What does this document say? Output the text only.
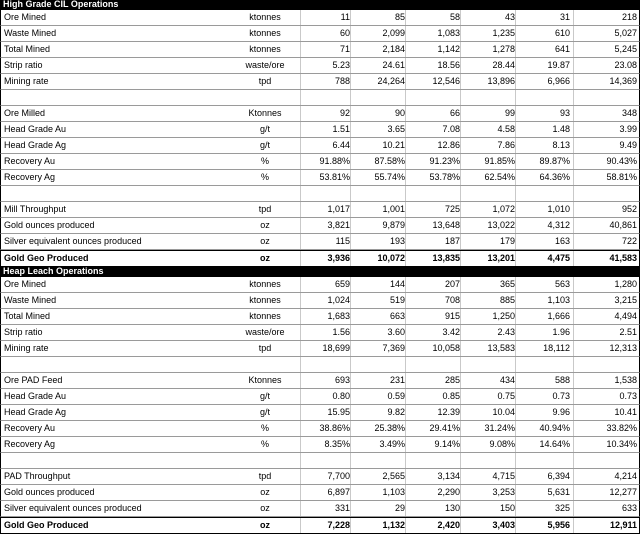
High Grade CIL Operations
Ore Mined	ktonnes	11	85	58	43	31	218
Waste Mined	ktonnes	60	2,099	1,083	1,235	610	5,027
Total Mined	ktonnes	71	2,184	1,142	1,278	641	5,245
Strip ratio	waste/ore	5.23	24.61	18.56	28.44	19.87	23.08
Mining rate	tpd	788	24,264	12,546	13,896	6,966	14,369
Ore Milled	Ktonnes	92	90	66	99	93	348
Head Grade Au	g/t	1.51	3.65	7.08	4.58	1.48	3.99
Head Grade Ag	g/t	6.44	10.21	12.86	7.86	8.13	9.49
Recovery Au	%	91.88%	87.58%	91.23%	91.85%	89.87%	90.43%
Recovery Ag	%	53.81%	55.74%	53.78%	62.54%	64.36%	58.81%
Mill Throughput	tpd	1,017	1,001	725	1,072	1,010	952
Gold ounces produced	oz	3,821	9,879	13,648	13,022	4,312	40,861
Silver equivalent ounces produced	oz	115	193	187	179	163	722
Gold Geo Produced	oz	3,936	10,072	13,835	13,201	4,475	41,583
Heap Leach Operations
Ore Mined	ktonnes	659	144	207	365	563	1,280
Waste Mined	ktonnes	1,024	519	708	885	1,103	3,215
Total Mined	ktonnes	1,683	663	915	1,250	1,666	4,494
Strip ratio	waste/ore	1.56	3.60	3.42	2.43	1.96	2.51
Mining rate	tpd	18,699	7,369	10,058	13,583	18,112	12,313
Ore PAD Feed	Ktonnes	693	231	285	434	588	1,538
Head Grade Au	g/t	0.80	0.59	0.85	0.75	0.73	0.73
Head Grade Ag	g/t	15.95	9.82	12.39	10.04	9.96	10.41
Recovery Au	%	38.86%	25.38%	29.41%	31.24%	40.94%	33.82%
Recovery Ag	%	8.35%	3.49%	9.14%	9.08%	14.64%	10.34%
PAD Throughput	tpd	7,700	2,565	3,134	4,715	6,394	4,214
Gold ounces produced	oz	6,897	1,103	2,290	3,253	5,631	12,277
Silver equivalent ounces produced	oz	331	29	130	150	325	633
Gold Geo Produced	oz	7,228	1,132	2,420	3,403	5,956	12,911
